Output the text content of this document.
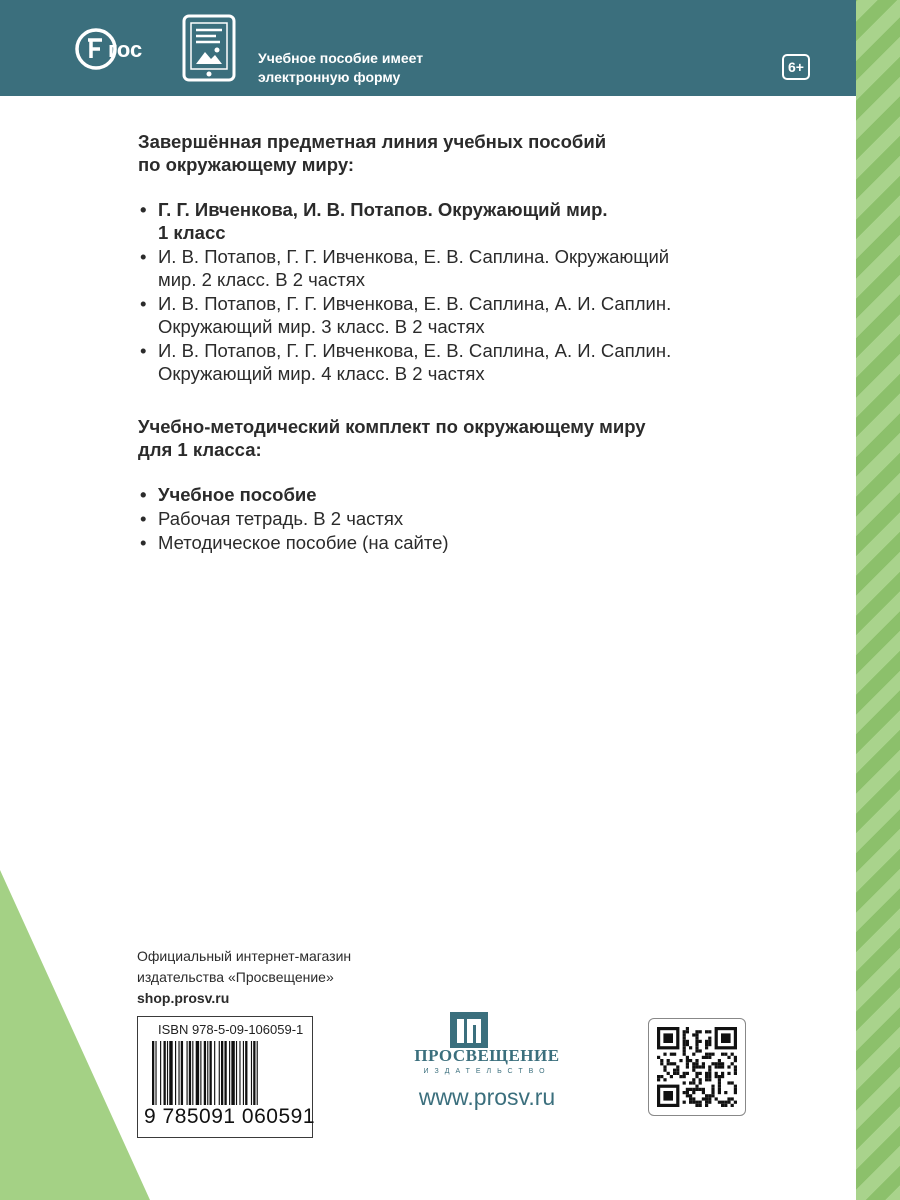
гос	Учебное пособие имеет
электронную форму
6+
Завершённая предметная линия учебных пособий
по окружающему миру:
• Г. Г. Ивченкова, И. В. Потапов. Окружающий мир.
1 класс
• И. В. Потапов, Г. Г. Ивченкова, Е. В. Саплина. Окружающий
мир. 2 класс. В 2 частях
• И. В. Потапов, Г. Г. Ивченкова, Е. В. Саплина, А. И. Саплин.
Окружающий мир. 3 класс. В 2 частях
• И. В. Потапов, Г. Г. Ивченкова, Е. В. Саплина, А. И. Саплин.
Окружающий мир. 4 класс. В 2 частях
Учебно-методический комплект по окружающему миру
для 1 класса:
• Учебное пособие
• Рабочая тетрадь. В 2 частях
• Методическое пособие (на сайте)
Официальный интернет-магазин
издательства «Просвещение»
shop.prosv.ru
ISBN 978-5-09-106059-1
9 785091 060591
ПРОСВЕЩЕНИЕ
ИЗДАТЕЛЬСТВО
www.prosv.ru
